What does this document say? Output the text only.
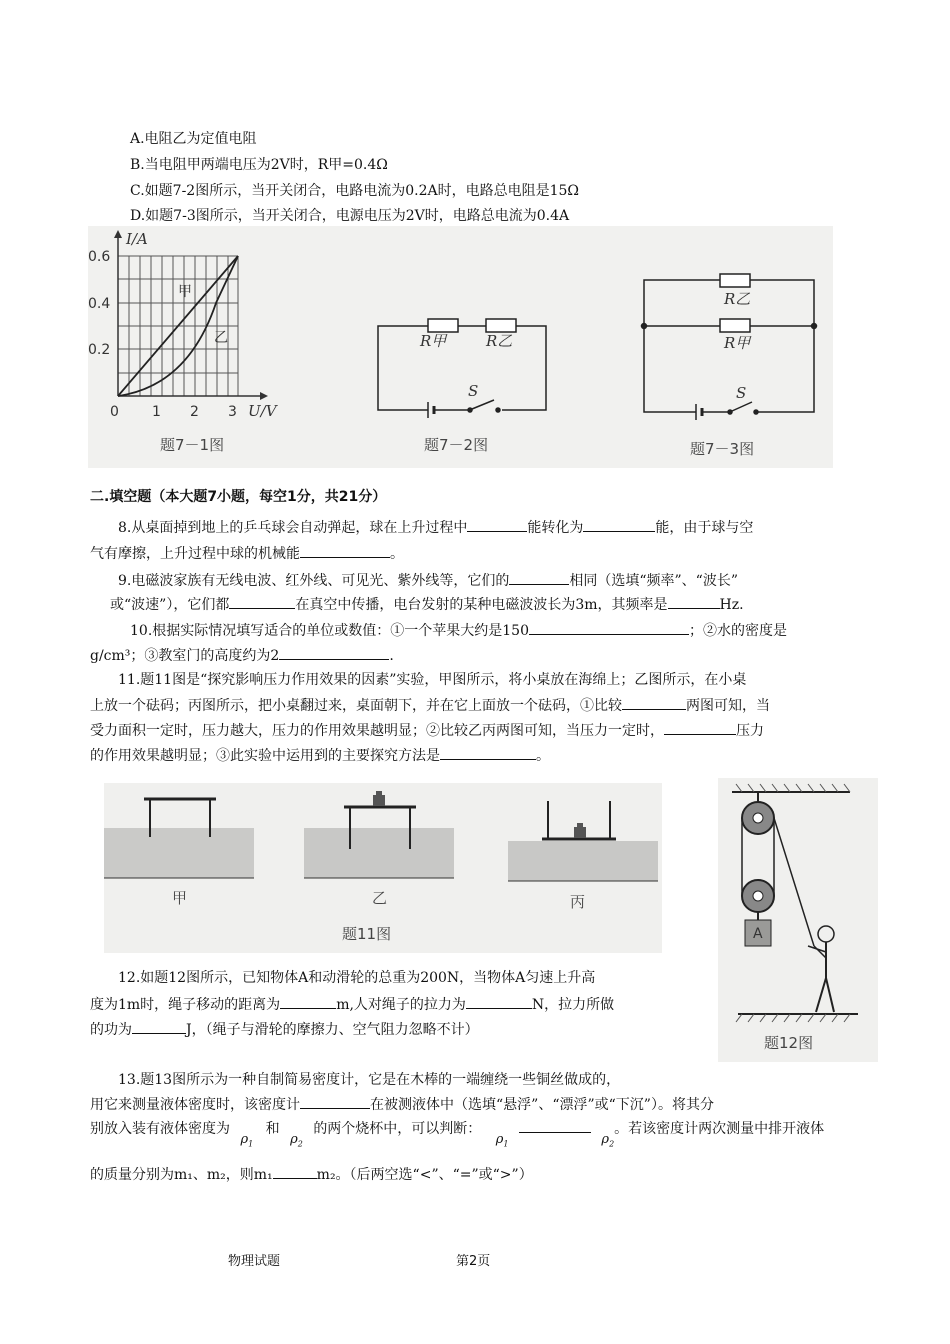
A.电阻乙为定值电阻
B.当电阻甲两端电压为2V时，R甲=0.4Ω
C.如题7-2图所示，当开关闭合，电路电流为0.2A时，电路总电阻是15Ω
D.如题7-3图所示，当开关闭合，电源电压为2V时，电路总电流为0.4A
I/A
U/V
0.6
0.4
0.2
0 1 2 3
甲
乙
题7－1图
R甲	R乙
S
题7－2图
R乙
R甲
S
题7－3图
二.填空题（本大题7小题，每空1分，共21分）
8.从桌面掉到地上的乒乓球会自动弹起，球在上升过程中	能转化为	能，由于球与空
气有摩擦，上升过程中球的机械能	。
9.电磁波家族有无线电波、红外线、可见光、紫外线等，它们的	相同（选填“频率”、“波长”
或“波速”），它们都	在真空中传播，电台发射的某种电磁波波长为3m，其频率是	Hz.
10.根据实际情况填写适合的单位或数值：①一个苹果大约是150	；②水的密度是
g/cm³；③教室门的高度约为2	.
11.题11图是“探究影响压力作用效果的因素”实验，甲图所示，将小桌放在海绵上；乙图所示，在小桌
上放一个砝码；丙图所示，把小桌翻过来，桌面朝下，并在它上面放一个砝码，①比较	两图可知，当
受力面积一定时，压力越大，压力的作用效果越明显；②比较乙丙两图可知，当压力一定时，	压力
的作用效果越明显；③此实验中运用到的主要探究方法是	。
甲	乙	丙
题11图	A
题12图
12.如题12图所示，已知物体A和动滑轮的总重为200N，当物体A匀速上升高
度为1m时，绳子移动的距离为	m,人对绳子的拉力为	N，拉力所做
的功为	J，（绳子与滑轮的摩擦力、空气阻力忽略不计）
13.题13图所示为一种自制简易密度计，它是在木棒的一端缠绕一些铜丝做成的，
用它来测量液体密度时，该密度计	在被测液体中（选填“悬浮”、“漂浮”或“下沉”）。将其分
别放入装有液体密度为 $\rho_1$ 和 $\rho_2$ 的两个烧杯中，可以判断： $\rho_1$	$\rho_2$。若该密度计两次测量中排开液体
的质量分别为m₁、m₂，则m₁	m₂。（后两空选“<”、“=”或“>”）
物理试题	第2页
